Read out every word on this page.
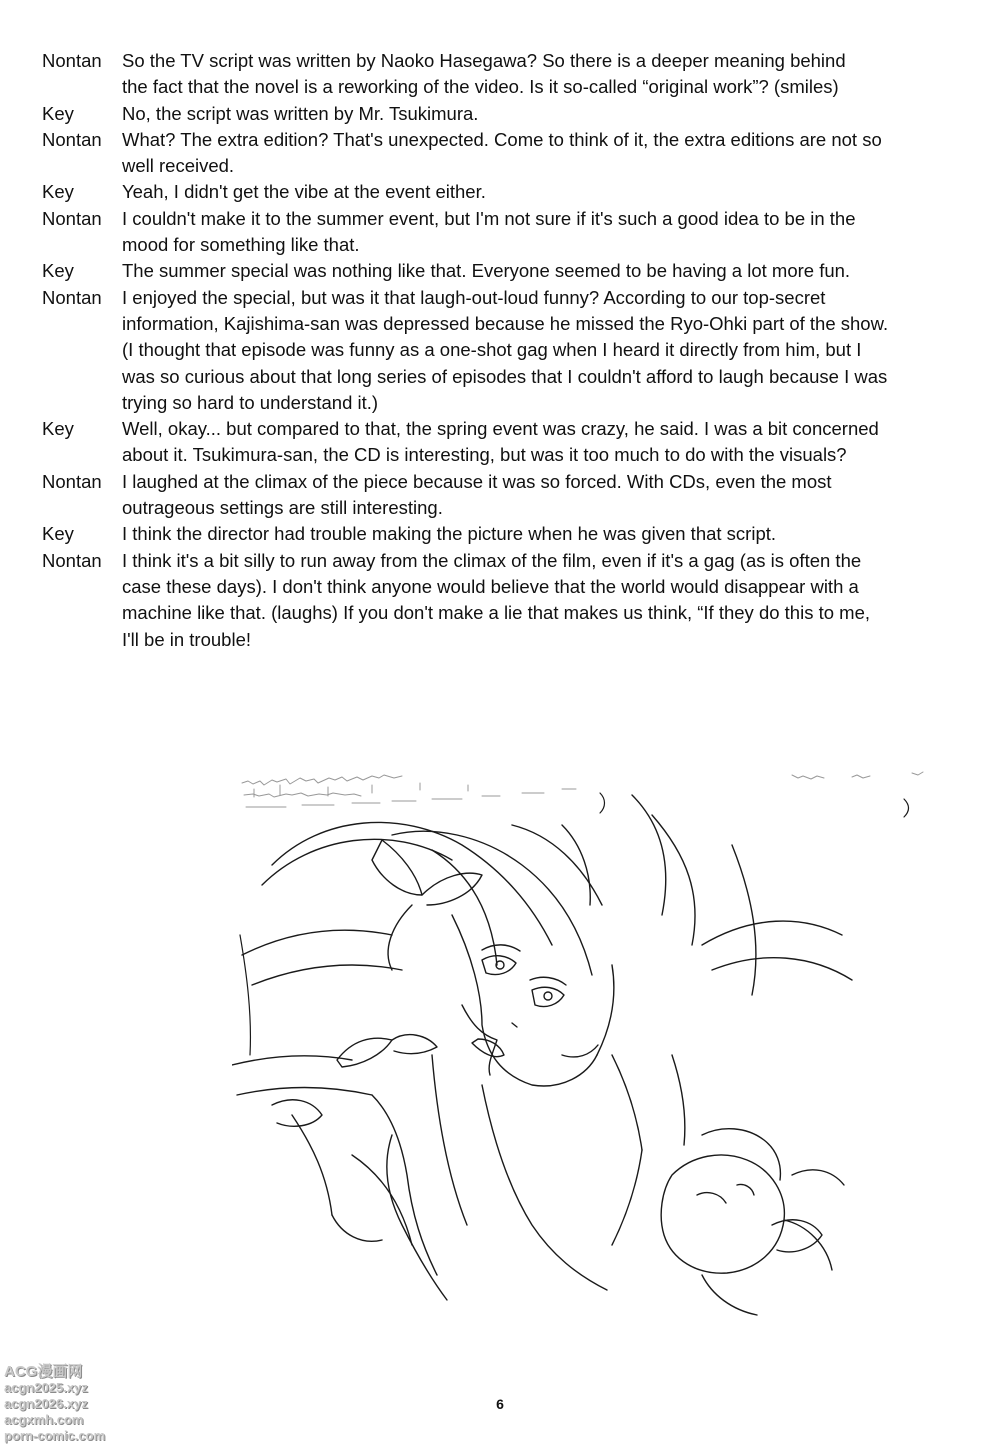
Nontan	So the TV script was written by Naoko Hasegawa? So there is a deeper meaning behind
the fact that the novel is a reworking of the video. Is it so-called “original work”? (smiles)
Key	No, the script was written by Mr. Tsukimura.
Nontan	What? The extra edition? That's unexpected. Come to think of it, the extra editions are not so
well received.
Key	Yeah, I didn't get the vibe at the event either.
Nontan	I couldn't make it to the summer event, but I'm not sure if it's such a good idea to be in the
mood for something like that.
Key	The summer special was nothing like that. Everyone seemed to be having a lot more fun.
Nontan	I enjoyed the special, but was it that laugh-out-loud funny? According to our top-secret
information, Kajishima-san was depressed because he missed the Ryo-Ohki part of the show.
(I thought that episode was funny as a one-shot gag when I heard it directly from him, but I
was so curious about that long series of episodes that I couldn't afford to laugh because I was
trying so hard to understand it.)
Key	Well, okay... but compared to that, the spring event was crazy, he said. I was a bit concerned
about it. Tsukimura-san, the CD is interesting, but was it too much to do with the visuals?
Nontan	I laughed at the climax of the piece because it was so forced. With CDs, even the most
outrageous settings are still interesting.
Key	I think the director had trouble making the picture when he was given that script.
Nontan	I think it's a bit silly to run away from the climax of the film, even if it's a gag (as is often the
case these days). I don't think anyone would believe that the world would disappear with a
machine like that. (laughs) If you don't make a lie that makes us think, “If they do this to me,
I'll be in trouble!
ACG漫画网
acgn2025.xyz
acgn2026.xyz
acgxmh.com
porn-comic.com
6
